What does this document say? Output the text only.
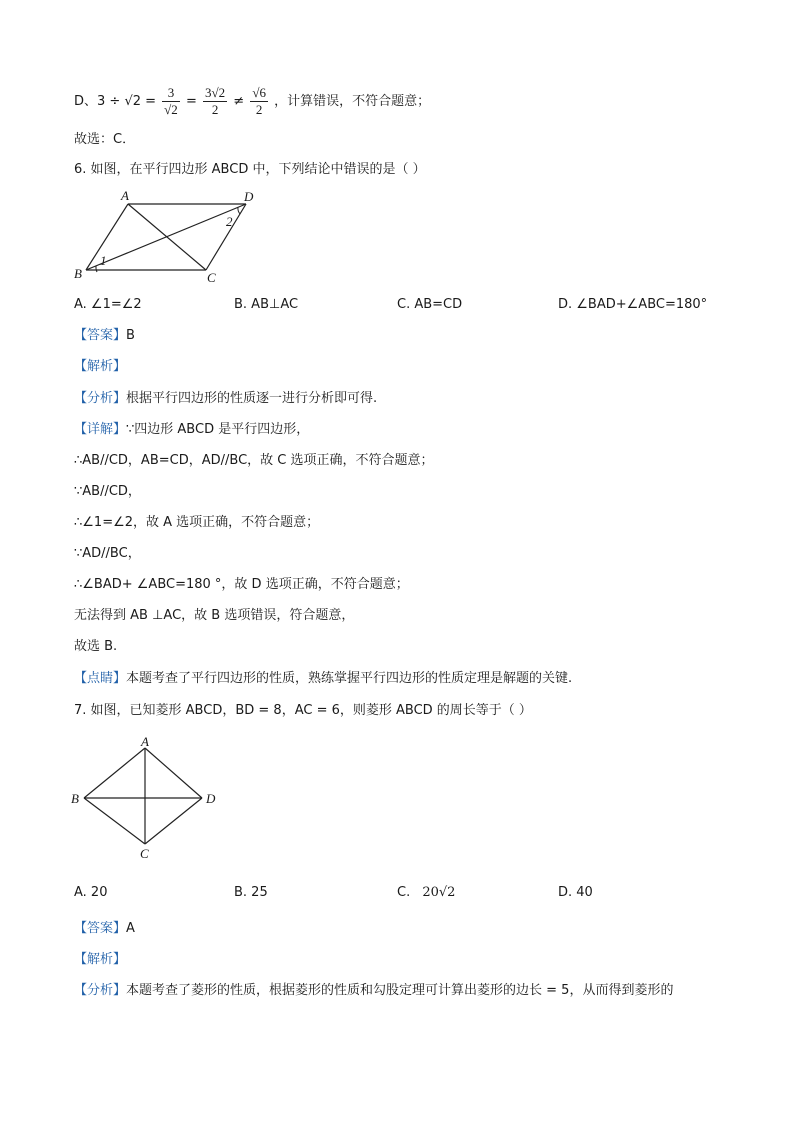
D、$3 \div √2 = \frac{3}{√2} = \frac{3√2}{2} \ne \frac{√6}{2}$ ，计算错误，不符合题意；
故选：C．
6. 如图，在平行四边形 ABCD 中，下列结论中错误的是（ ）
A	D
B	C
1
2
A. ∠1=∠2	B. AB⊥AC	C. AB=CD	D. ∠BAD+∠ABC=180°
【答案】B
【解析】
【分析】根据平行四边形的性质逐一进行分析即可得.
【详解】∵四边形 ABCD 是平行四边形，
∴AB//CD，AB=CD，AD//BC，故 C 选项正确，不符合题意；
∵AB//CD，
∴∠1=∠2，故 A 选项正确，不符合题意；
∵AD//BC，
∴∠BAD+ ∠ABC=180 °，故 D 选项正确，不符合题意；
无法得到 AB ⊥AC，故 B 选项错误，符合题意，
故选 B.
【点睛】本题考查了平行四边形的性质，熟练掌握平行四边形的性质定理是解题的关键.
7. 如图，已知菱形 ABCD，BD = 8，AC = 6，则菱形 ABCD 的周长等于（ ）
A
B	D
C
A. 20	B. 25	C. 20√2	D. 40
【答案】A
【解析】
【分析】本题考查了菱形的性质，根据菱形的性质和勾股定理可计算出菱形的边长 = 5，从而得到菱形的
